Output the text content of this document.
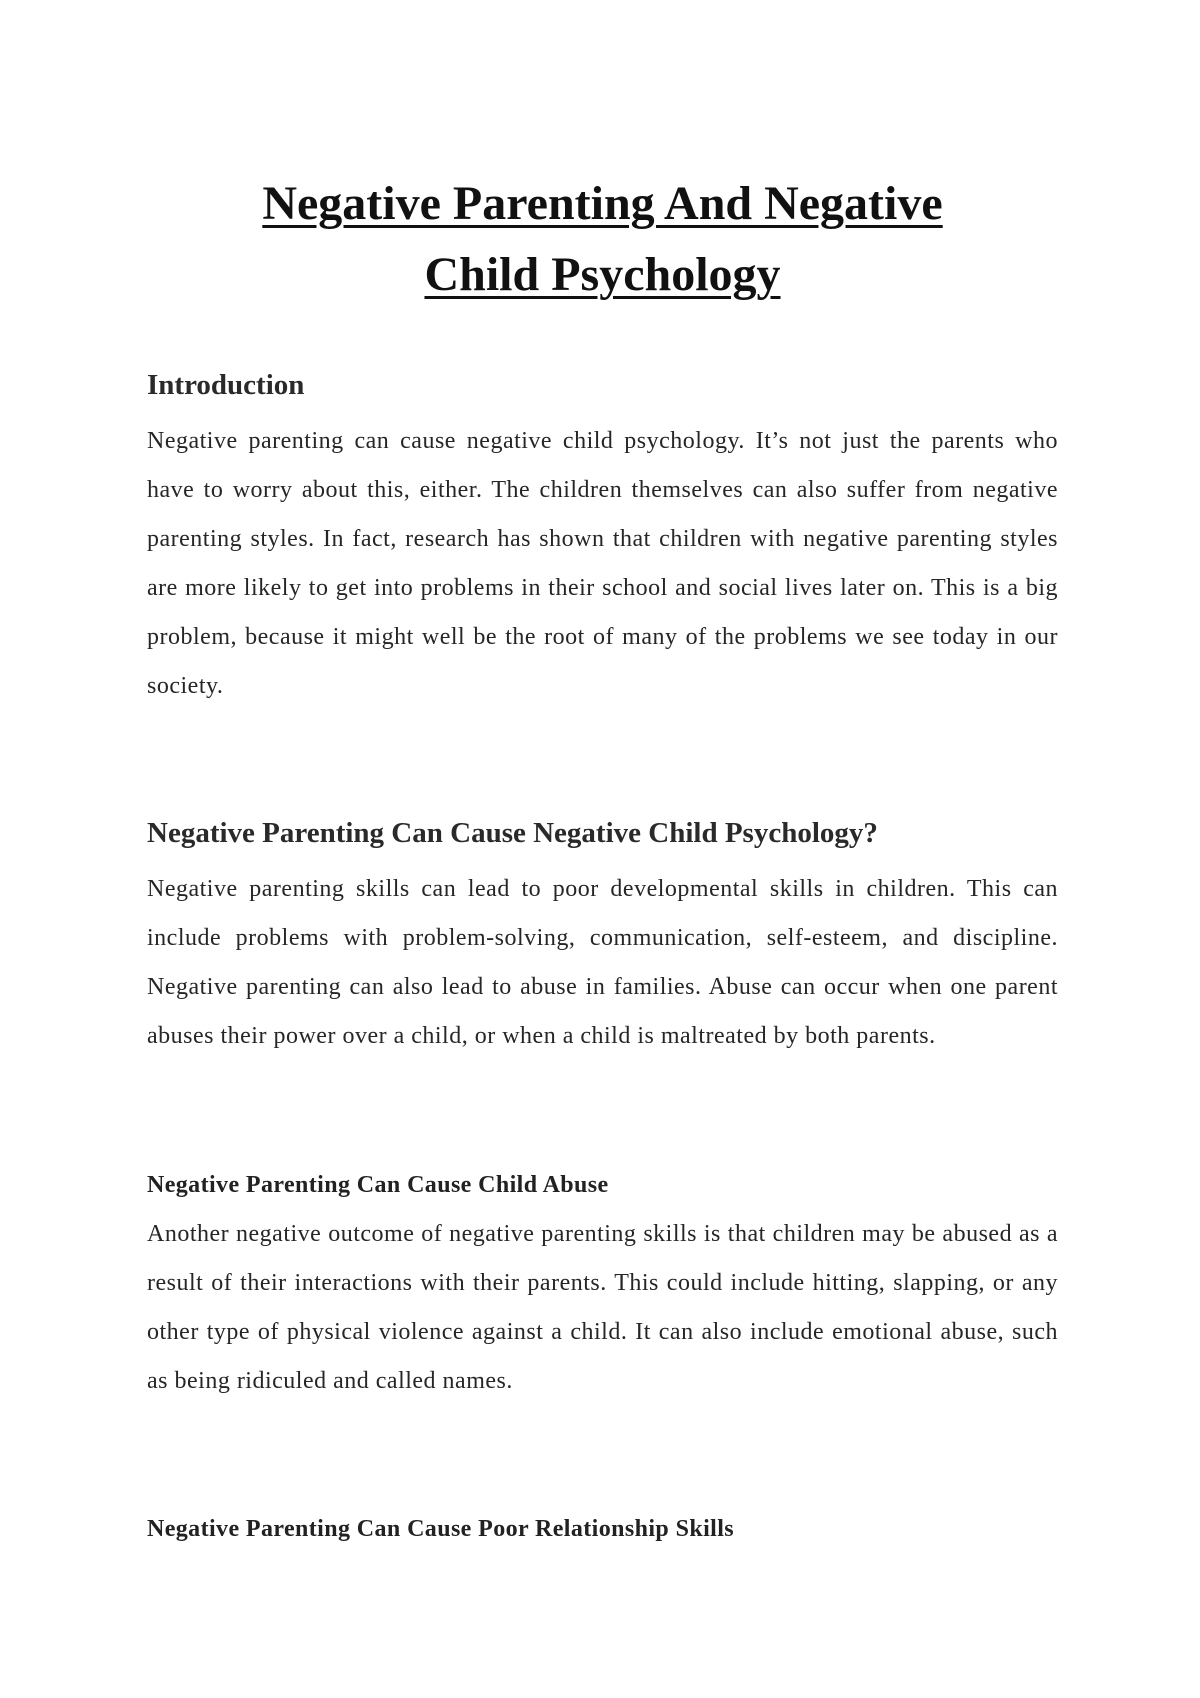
Negative Parenting And Negative
Child Psychology
Introduction

Negative parenting can cause negative child psychology. It’s not just the parents who have to worry about this, either. The children themselves can also suffer from negative parenting styles. In fact, research has shown that children with negative parenting styles are more likely to get into problems in their school and social lives later on. This is a big problem, because it might well be the root of many of the problems we see today in our society.

Negative Parenting Can Cause Negative Child Psychology?

Negative parenting skills can lead to poor developmental skills in children. This can include problems with problem-solving, communication, self-esteem, and discipline. Negative parenting can also lead to abuse in families. Abuse can occur when one parent abuses their power over a child, or when a child is maltreated by both parents.

Negative Parenting Can Cause Child Abuse

Another negative outcome of negative parenting skills is that children may be abused as a result of their interactions with their parents. This could include hitting, slapping, or any other type of physical violence against a child. It can also include emotional abuse, such as being ridiculed and called names.

Negative Parenting Can Cause Poor Relationship Skills
